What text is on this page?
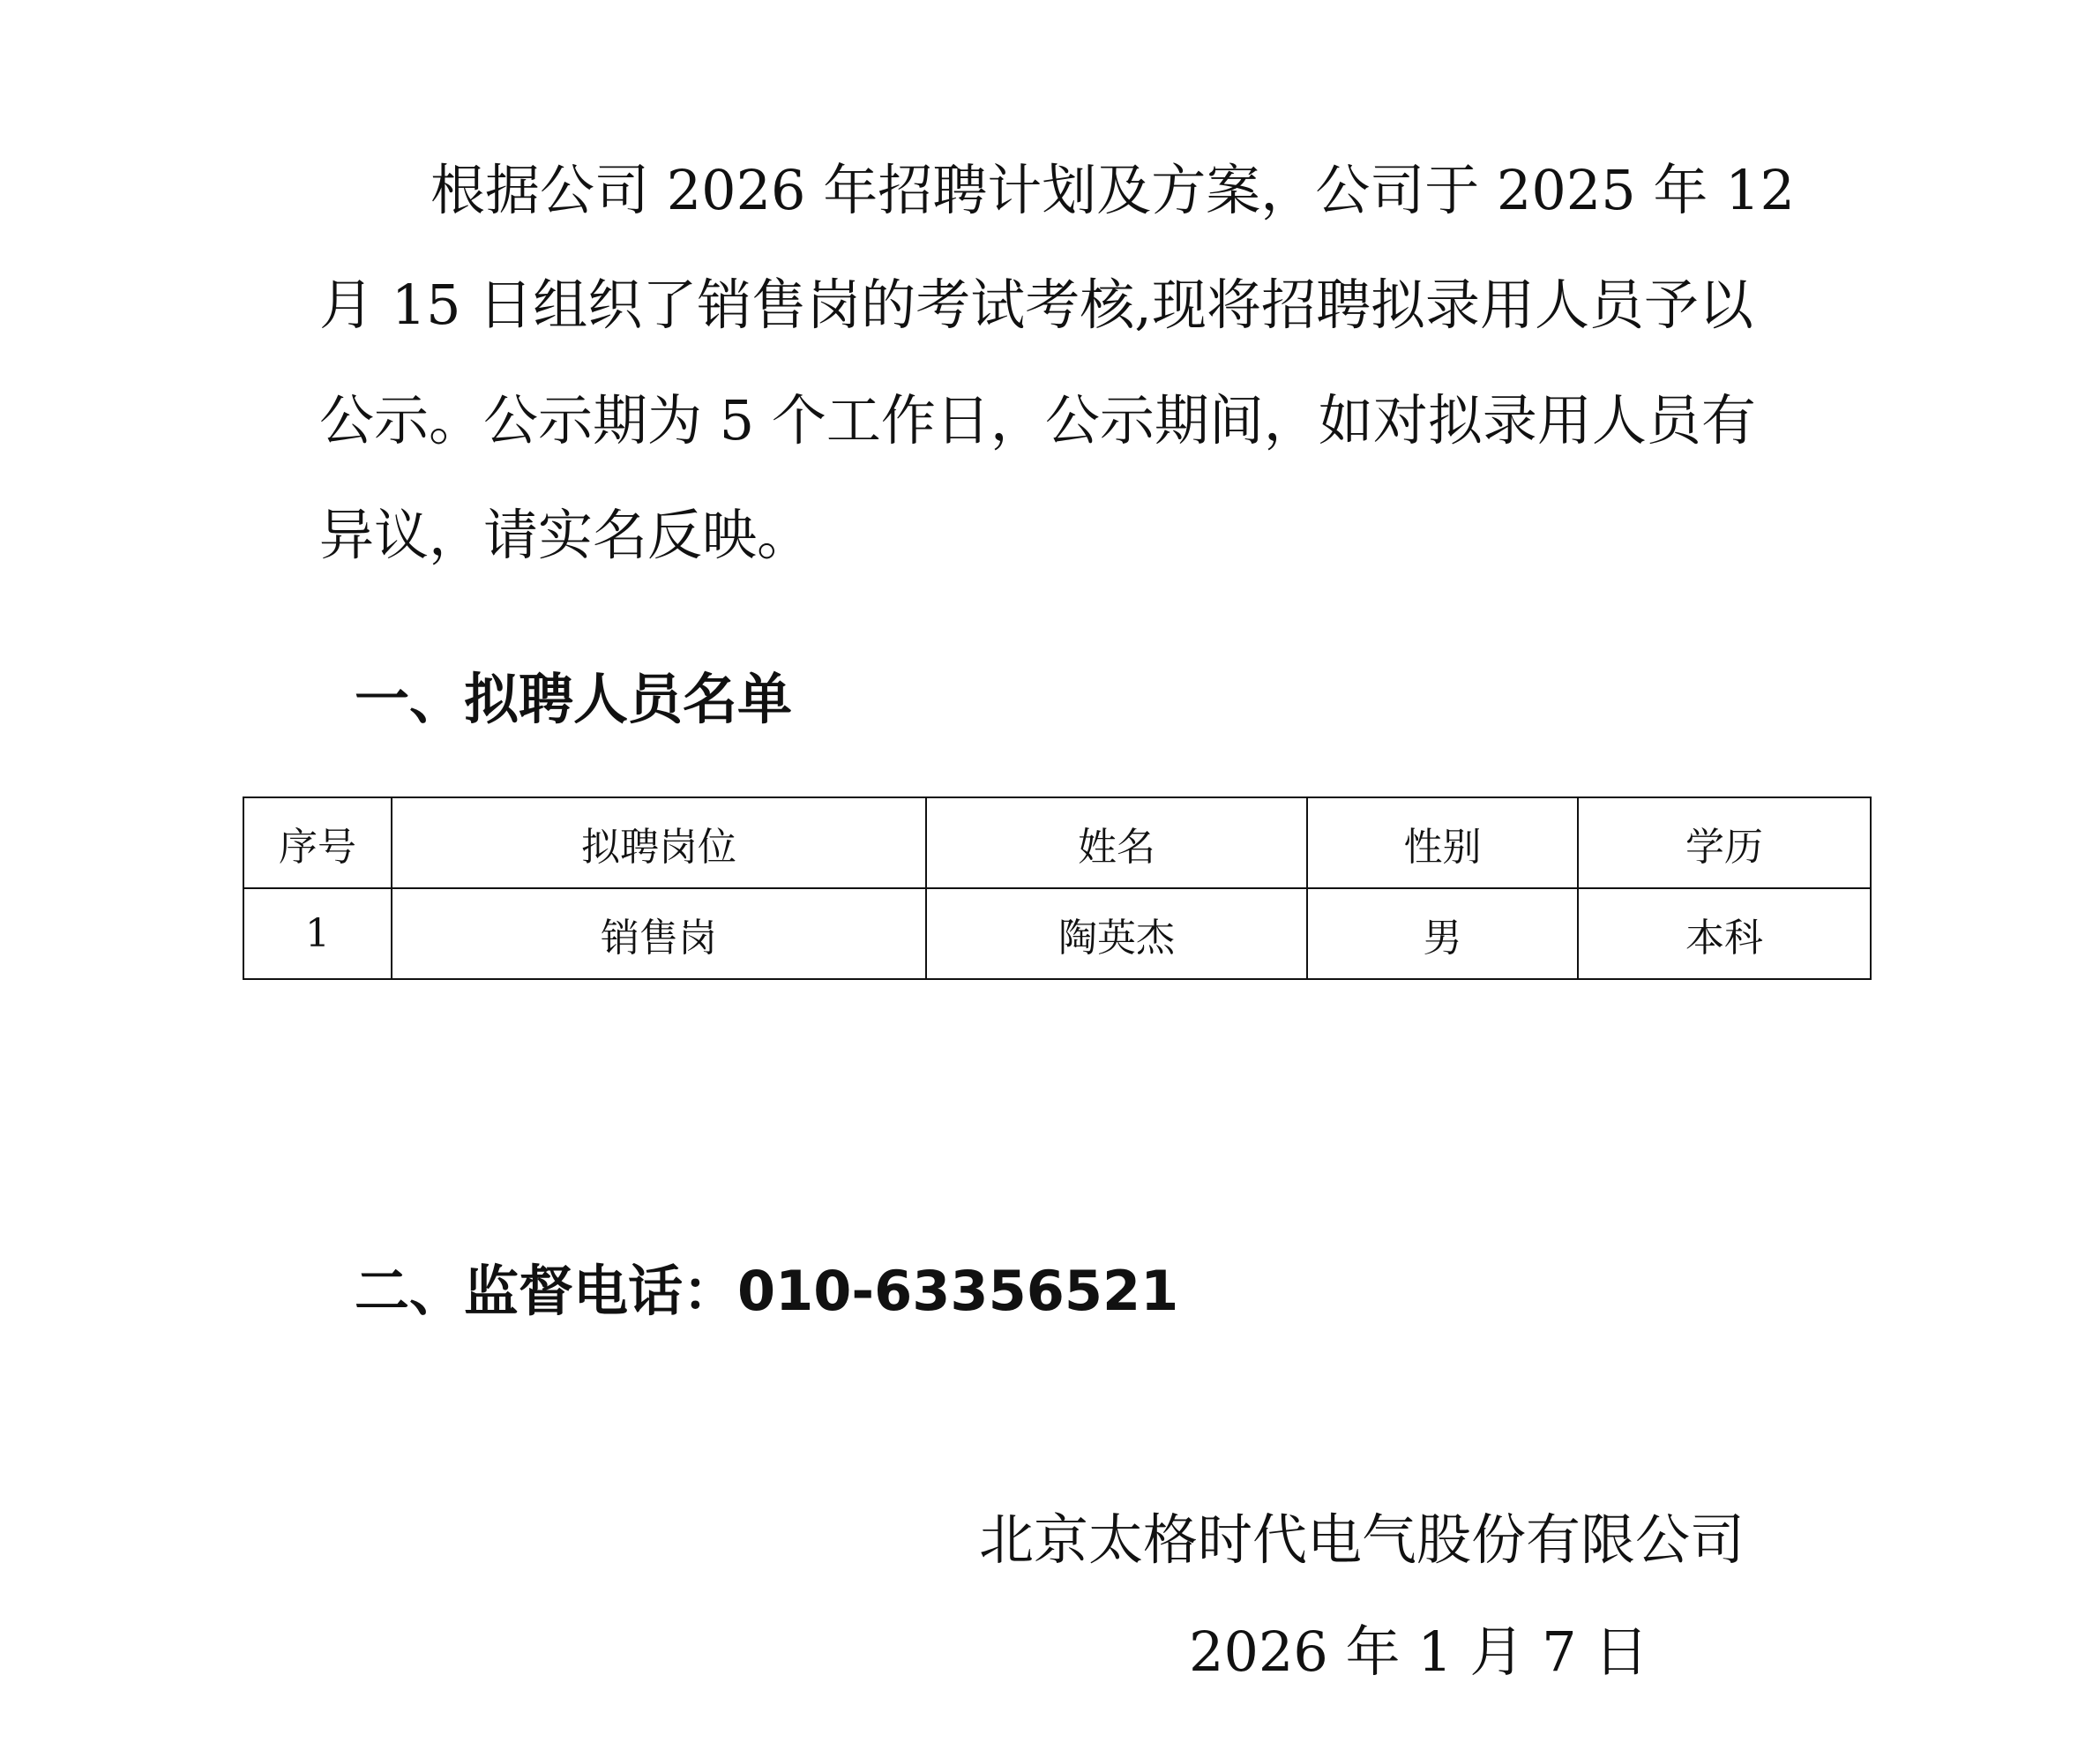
根据公司 2026 年招聘计划及方案，公司于 2025 年 12
月 15 日组织了销售岗的考试考核,现将招聘拟录用人员予以
公示。公示期为 5 个工作日，公示期间，如对拟录用人员有
异议，请实名反映。
一、拟聘人员名单
序号	拟聘岗位	姓名	性别	学历
1	销售岗	陶英杰	男	本科
二、监督电话：010-63356521
北京太格时代电气股份有限公司
2026 年 1 月 7 日
